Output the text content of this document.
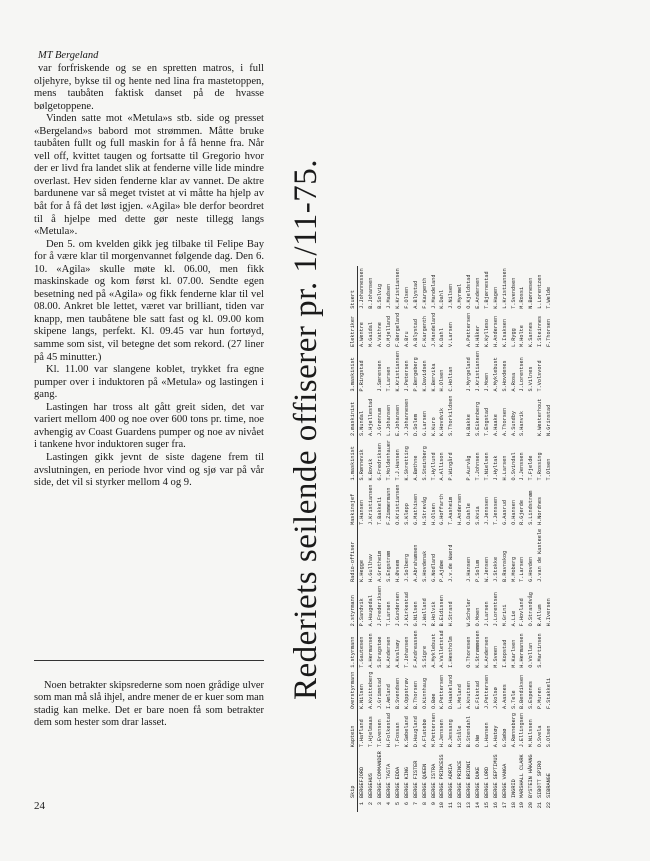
MT Bergeland

var forfriskende og se en spretten matros, i full oljehyre, bykse til og hente ned lina fra mastetoppen, mens taubåten faktisk danset på de hvasse bølgetoppene.

Vinden satte mot «Metula»s stb. side og presset «Bergeland»s babord mot strømmen. Måtte bruke taubåten fullt og full maskin for å få henne fra. Når vell off, kvittet taugen og fortsatte til Gregorio hvor der er livd fra landet slik at fenderne ville lide mindre overlast. Hev siden fenderne klar av vannet. De aktre bardunene var så meget tvistet at vi måtte ha hjelp av båt for å få det løst igjen. «Agila» ble derfor beordret til å hjelpe med dette gør neste tillegg langs «Metula».

Den 5. om kvelden gikk jeg tilbake til Felipe Bay for å være klar til morgenvannet følgende dag. Den 6. 10. «Agila» skulle møte kl. 06.00, men fikk maskinskade og kom først kl. 07.00. Sendte egen besetning ned på «Agila» og fikk fenderne klar til vel 08.00. Ankret ble lettet, været var brilliant, tiden var knapp, men taubåtene ble satt fast og kl. 09.00 kom skipene langs, perfekt. Kl. 09.45 var hun fortøyd, samme som sist, vil betegne det som rekord. (27 liner på 45 minutter.)

Kl. 11.00 var slangene koblet, trykket fra egne pumper over i induktoren på «Metula» og lastingen i gang.

Lastingen har tross alt gått greit siden, det var variert mellom 400 og noe over 600 tons pr. time, noe avhengig av Coast Guardens pumper og noe av nivået i tankene hvor induktoren suger fra.

Lastingen gikk jevnt de siste dagene frem til avslutningen, en periode hvor vind og sjø var på vår side, det vil si styrker mellom 4 og 9.

Noen betrakter skipsrederne som noen grådige ulver som man må slå ihjel, andre mener de er kuer som man stadig kan melke. Det er bare noen få som betrakter dem som hester som drar lasset.

24
Rederiets seilende offiserer pr. 1/11-75.
	Skip	Kaptein	Overstyrmann	1.styrmann	2.styrmann	Radio-offiser	Maskinsjef	1.maskinist	2.maskinist	3.maskinist	Elektriker	Stuert
1	BERGEFJORD	T.Hafland	K.Nilsen	T.Gautesen	P.Sandvik	K.Hegge	T.Hansen	S.Rønnevik	S.Nundal	P.Ringstad	A.Wentre	J.Johannessen
2	BERGEHUS	T.Hjelmaas	A.Kvitteberg	A.Hermansen	A.Haugedal	H.Gullhav	J.Kristiansen	K.Bovik	A.Hjellestad		M.Gaidal	B.Johansen
3	BERGE-COMMANDER	T.Evensen	J.Grimstad	S.Dragstøe	J.Frederiksen	A.Gretheim	T.Bakkeli	G.Fredriksen	J.Grønnum	J.Sørensen	A.Vathne	B.Solvig
4	BERGE TASTA	H.Folkestad	I.Amland	K.Andersen	T.Larsen	S.Engstrøm	F.Zimmermann	T.Moldenhauer	L.Johansen	T.Larsen	O.Mjelland	J.Madsen
5	BERGE EDDA	T.Fossan	B.Svendsen	A.Kvalsøy	J.Gundersen	H.Øvsem	O.Kristiansen	T.J.Hansen	E.Johansen	K.Kristiansen	F.Bergeland	K.Kristiansen
6	BERGE KING	K.Søbeland	K.Oppstrøv	T.Johansen	J.Kirkestad	J.Solberg	S.Klepp	K.Skretting	J.Johannesen	J.Petersen	A.Bru	F.Olsen
7	BERGE FISTER	D.Haugland	B.Thorsen	F.Andreassen	G.Nilsen	A.Abrahamsen	G.Mathisen	A.Bøthne	D.Solem	P.Bergeberg	A.Blystad	A.Blystad
8	BERGE QUEEN	A.Flatebø	O.Kinnhaug	S.Sigre	J.Walland	S.Hovdenak	H.Strevåg	S.Steinberg	G.Larsen	K.Davidsen	F.Kargenth	F.Kargenth
9	BERGE ISTRA	M.Pettersen	O.Bøe	A.Myklebust	R.Holvik	G.Nodland	H.Olsen	T.Hyllund	K.Kuro	K.Bervika	J.Mandeland	J.Mandeland
10	BERGE PRINCESS	H.Jenssen	K.Pettersen	A.Valletstad	B.Eidissen	P.Ajdøe	G.Hoffarth	A.Allison	K.Hovdvik	H.Olsen	K.Dahl	K.Dahl
11	BERGE ADRIA	R.Jessang	D.Haakeland	I.Hestholm	H.Strand	J.v.de Waerd	T.Aasheim	P.Wingård	S.Thorkildsen	C.Holtan	V.Larsen	J.Nilsen
12	BERGE PRINCE	H.Ståle	L.Meland				H.Andersen					O.Myrmel
13	BERGE BRIONI	B.Stendahl	A.Knutsen	O.Thoresen	W.Scheler	J.Hansen	O.Dahle	P.Aurvåg	H.Bakke	J.Myrgeland	A.Pettersen	O.Kjeldstad
14	BERGE DUKE	O.Nø	E.Fikstad	K.Strømmesen	O.Moen	P.Solum	S.Kvia	T.Johnsen	S.Eikenberg	J.Kristiansen	H.Håker	E.Andersen
15	BERGE LORD	L.Hansen	J.Pettersen	K.Andersen	J.Larsen	W.Jensen	J.Jenssen	T.Nielsen	T.Engstad	J.Moen	K.Kylleso	T.Bjørnestad
16	BERGE SEPTIMUS	A.Hatøy	J.Kolsø	M.Sveen	J.Lorentsen	J.Stokke	T.Jenssen	J.Hyltak	A.Haake	A.Myklebust	H.Andersen	K.Hagen
17	BERGE VANGA	G.Søbø	A.Aasnes	I.Kopstad	M.Grini	B.Ravnskog	G.Aasrud	H.Larsen	A.Thorsen	S.Hovdenes	K.Isaksen	L.Kristiansen
18	INGRID	A.Rønneberg	S.Tele	M.Karlsen	A.Lie	M.Moberg	O.Hansen	O.Svindal	A.Sundby	A.Rosa	L.Rygg	T.Svendsen
19	MARSHALL CLARK	J.Ellingsen	B.Bendiksen	H.Hermansen	F.Hovland	T.Larsen	R.Gjerde	J.Jenssen	S.Hanvik	J.Lorentsen	M.Holte	M.Rossi
20	BYSTEIN HÅKANG	M.Nilssen	S.Espenes	O.Vollan	O.Strandvåg	G.Hovden	S.Lindstrøm	T.Fjelde		S.Vilnes	K.Sannes	N.Bønnesen
21	SIBOTT SPIRO	O.Svela	P.Muren	S.Martinsen	R.Allum	J.van de Kasteele	H.Nordnes	T.Rossing	K.Westerhout	T.Volsvord	I.Steinnes	L.Lorentzen
22	SIBRANGE	S.Olsen	F.Stakkeli		H.Iversen			T.Olsen	N.Grinstad		F.Thorsen	T.Welde
